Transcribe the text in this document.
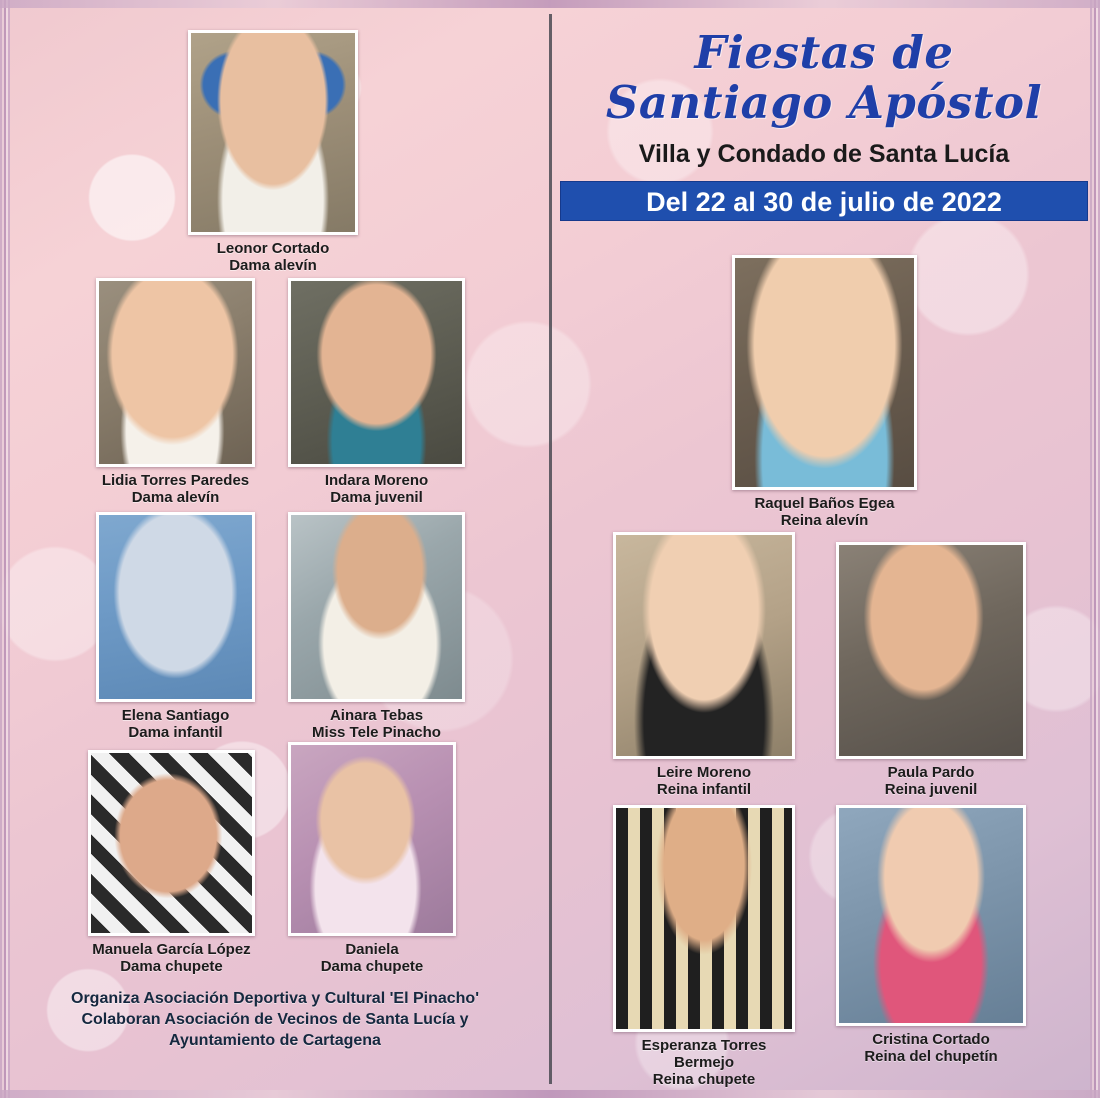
Fiestas de
Santiago Apóstol
Villa y Condado de Santa Lucía
Del 22 al 30 de julio de 2022
Leonor Cortado
Dama alevín
Lidia Torres Paredes
Dama alevín
Indara Moreno
Dama juvenil
Elena Santiago
Dama infantil
Ainara Tebas
Miss Tele Pinacho
Manuela García López
Dama chupete
Daniela
Dama chupete
Organiza Asociación Deportiva y Cultural 'El Pinacho'
Colaboran Asociación de Vecinos de Santa Lucía y
Ayuntamiento de Cartagena
Raquel Baños Egea
Reina alevín
Leire Moreno
Reina infantil
Paula Pardo
Reina juvenil
Esperanza Torres Bermejo
Reina chupete
Cristina Cortado
Reina del chupetín
